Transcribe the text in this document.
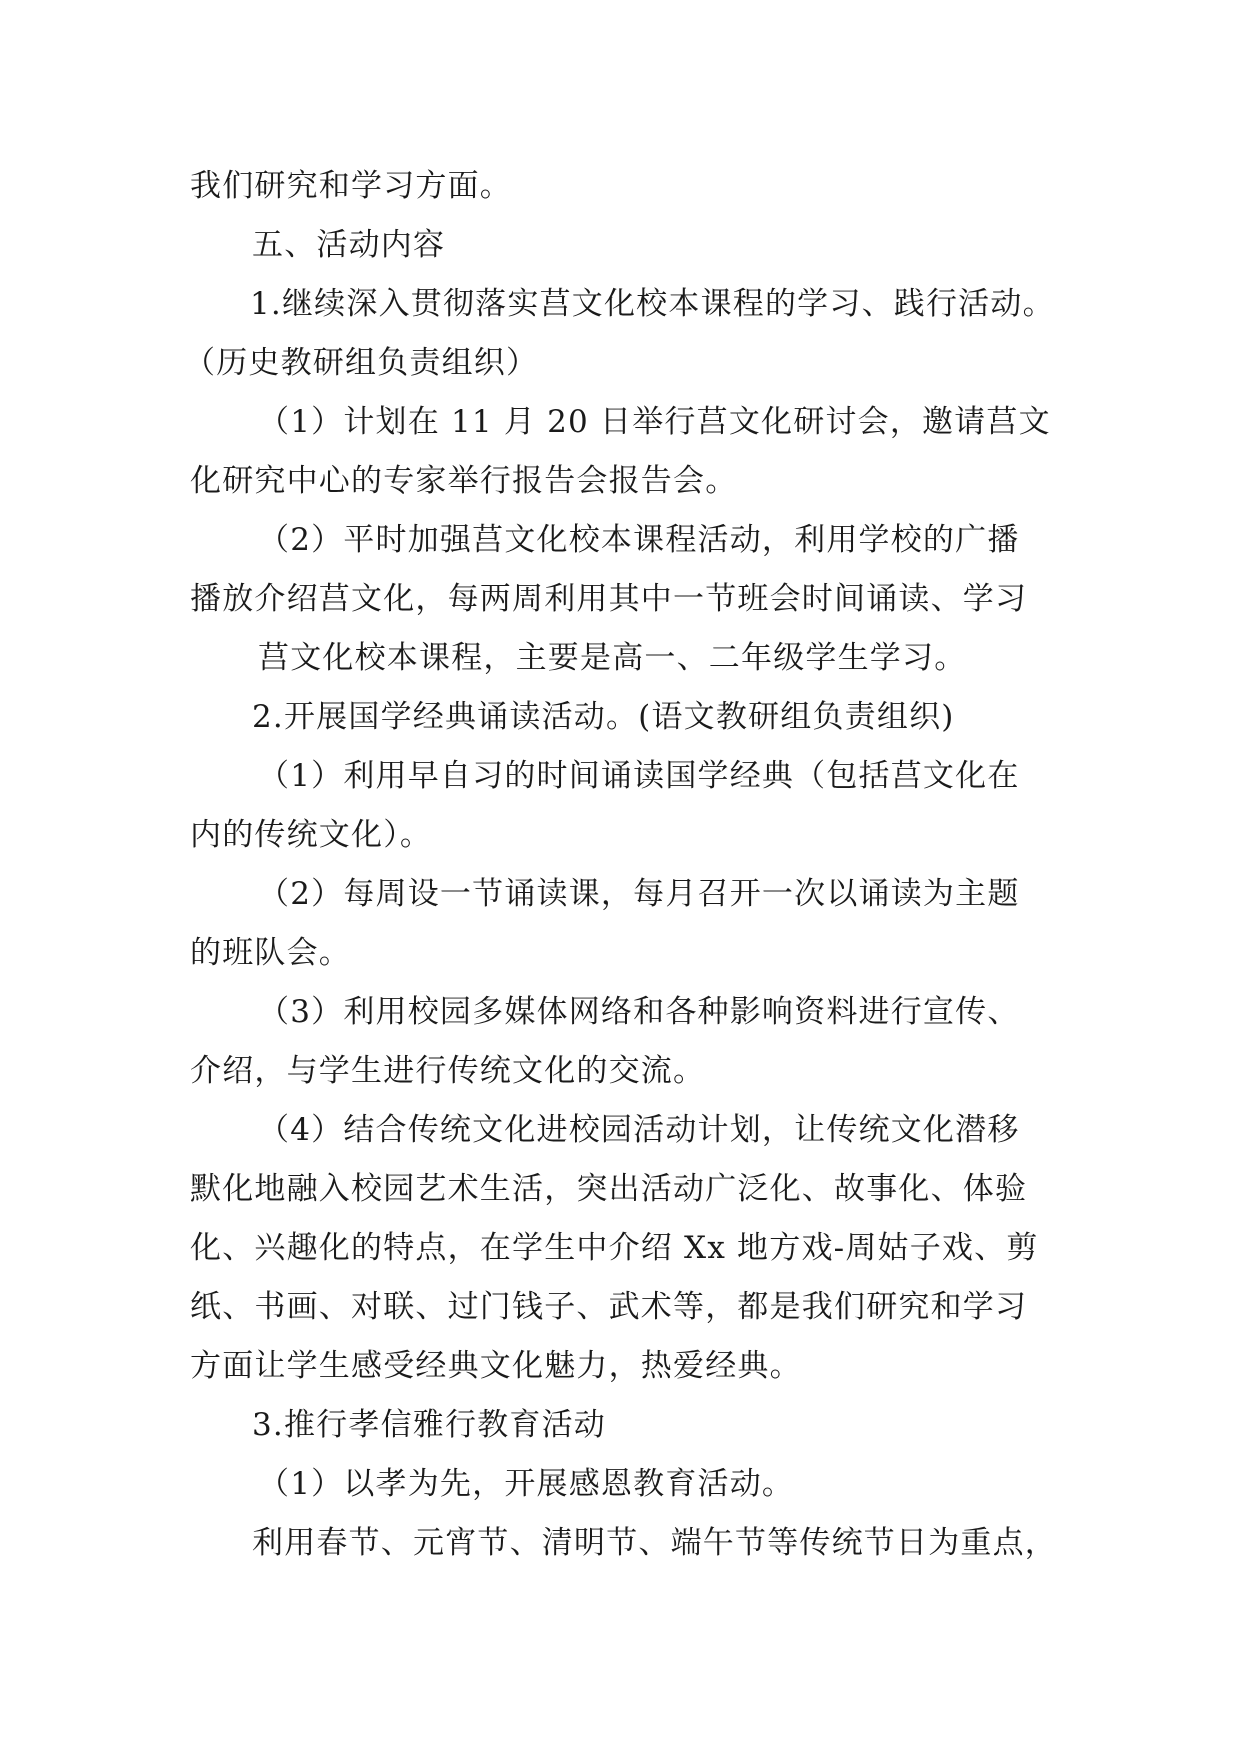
我们研究和学习方面。

五、活动内容

1.继续深入贯彻落实莒文化校本课程的学习、践行活动。

（历史教研组负责组织）

（1）计划在 11 月 20 日举行莒文化研讨会，邀请莒文

化研究中心的专家举行报告会报告会。

（2）平时加强莒文化校本课程活动，利用学校的广播

播放介绍莒文化，每两周利用其中一节班会时间诵读、学习

莒文化校本课程，主要是高一、二年级学生学习。

2.开展国学经典诵读活动。(语文教研组负责组织)

（1）利用早自习的时间诵读国学经典（包括莒文化在

内的传统文化）。

（2）每周设一节诵读课，每月召开一次以诵读为主题

的班队会。

（3）利用校园多媒体网络和各种影响资料进行宣传、

介绍，与学生进行传统文化的交流。

（4）结合传统文化进校园活动计划，让传统文化潜移

默化地融入校园艺术生活，突出活动广泛化、故事化、体验

化、兴趣化的特点，在学生中介绍 Xx 地方戏-周姑子戏、剪

纸、书画、对联、过门钱子、武术等，都是我们研究和学习

方面让学生感受经典文化魅力，热爱经典。

3.推行孝信雅行教育活动

（1）以孝为先，开展感恩教育活动。

利用春节、元宵节、清明节、端午节等传统节日为重点，
